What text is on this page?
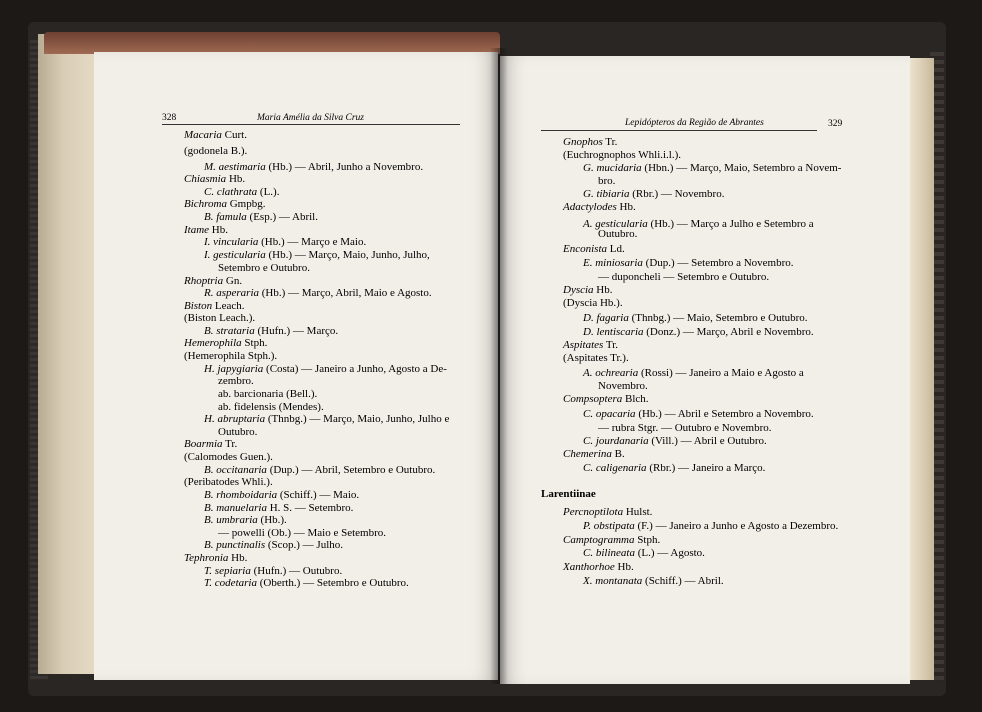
328	Maria Amélia da Silva Cruz	Lepidópteros da Região de Abrantes	329
Macaria Curt.
(godonela B.).
M. aestimaria (Hb.) — Abril, Junho a Novembro.
Chiasmia Hb.
C. clathrata (L.).
Bichroma Gmpbg.
B. famula (Esp.) — Abril.
Itame Hb.
I. vincularia (Hb.) — Março e Maio.
I. gesticularia (Hb.) — Março, Maio, Junho, Julho,
Setembro e Outubro.
Rhoptria Gn.
R. asperaria (Hb.) — Março, Abril, Maio e Agosto.
Biston Leach.
(Biston Leach.).
B. strataria (Hufn.) — Março.
Hemerophila Stph.
(Hemerophila Stph.).
H. japygiaria (Costa) — Janeiro a Junho, Agosto a De-
zembro.
ab. barcionaria (Bell.).
ab. fidelensis (Mendes).
H. abruptaria (Thnbg.) — Março, Maio, Junho, Julho e
Outubro.
Boarmia Tr.
(Calomodes Guen.).
B. occitanaria (Dup.) — Abril, Setembro e Outubro.
(Peribatodes Whli.).
B. rhomboidaria (Schiff.) — Maio.
B. manuelaria H. S. — Setembro.
B. umbraria (Hb.).
— powelli (Ob.) — Maio e Setembro.
B. punctinalis (Scop.) — Julho.
Tephronia Hb.
T. sepiaria (Hufn.) — Outubro.
T. codetaria (Oberth.) — Setembro e Outubro.
Gnophos Tr.
(Euchrognophos Whli.i.l.).
G. mucidaria (Hbn.) — Março, Maio, Setembro a Novem-
bro.
G. tibiaria (Rbr.) — Novembro.
Adactylodes Hb.
A. gesticularia (Hb.) — Março a Julho e Setembro a
Outubro.
Enconista Ld.
E. miniosaria (Dup.) — Setembro a Novembro.
— duponcheli — Setembro e Outubro.
Dyscia Hb.
(Dyscia Hb.).
D. fagaria (Thnbg.) — Maio, Setembro e Outubro.
D. lentiscaria (Donz.) — Março, Abril e Novembro.
Aspitates Tr.
(Aspitates Tr.).
A. ochrearia (Rossi) — Janeiro a Maio e Agosto a
Novembro.
Compsoptera Blch.
C. opacaria (Hb.) — Abril e Setembro a Novembro.
— rubra Stgr. — Outubro e Novembro.
C. jourdanaria (Vill.) — Abril e Outubro.
Chemerina B.
C. caligenaria (Rbr.) — Janeiro a Março.
Larentiinae
Percnoptilota Hulst.
P. obstipata (F.) — Janeiro a Junho e Agosto a Dezembro.
Camptogramma Stph.
C. bilineata (L.) — Agosto.
Xanthorhoe Hb.
X. montanata (Schiff.) — Abril.
